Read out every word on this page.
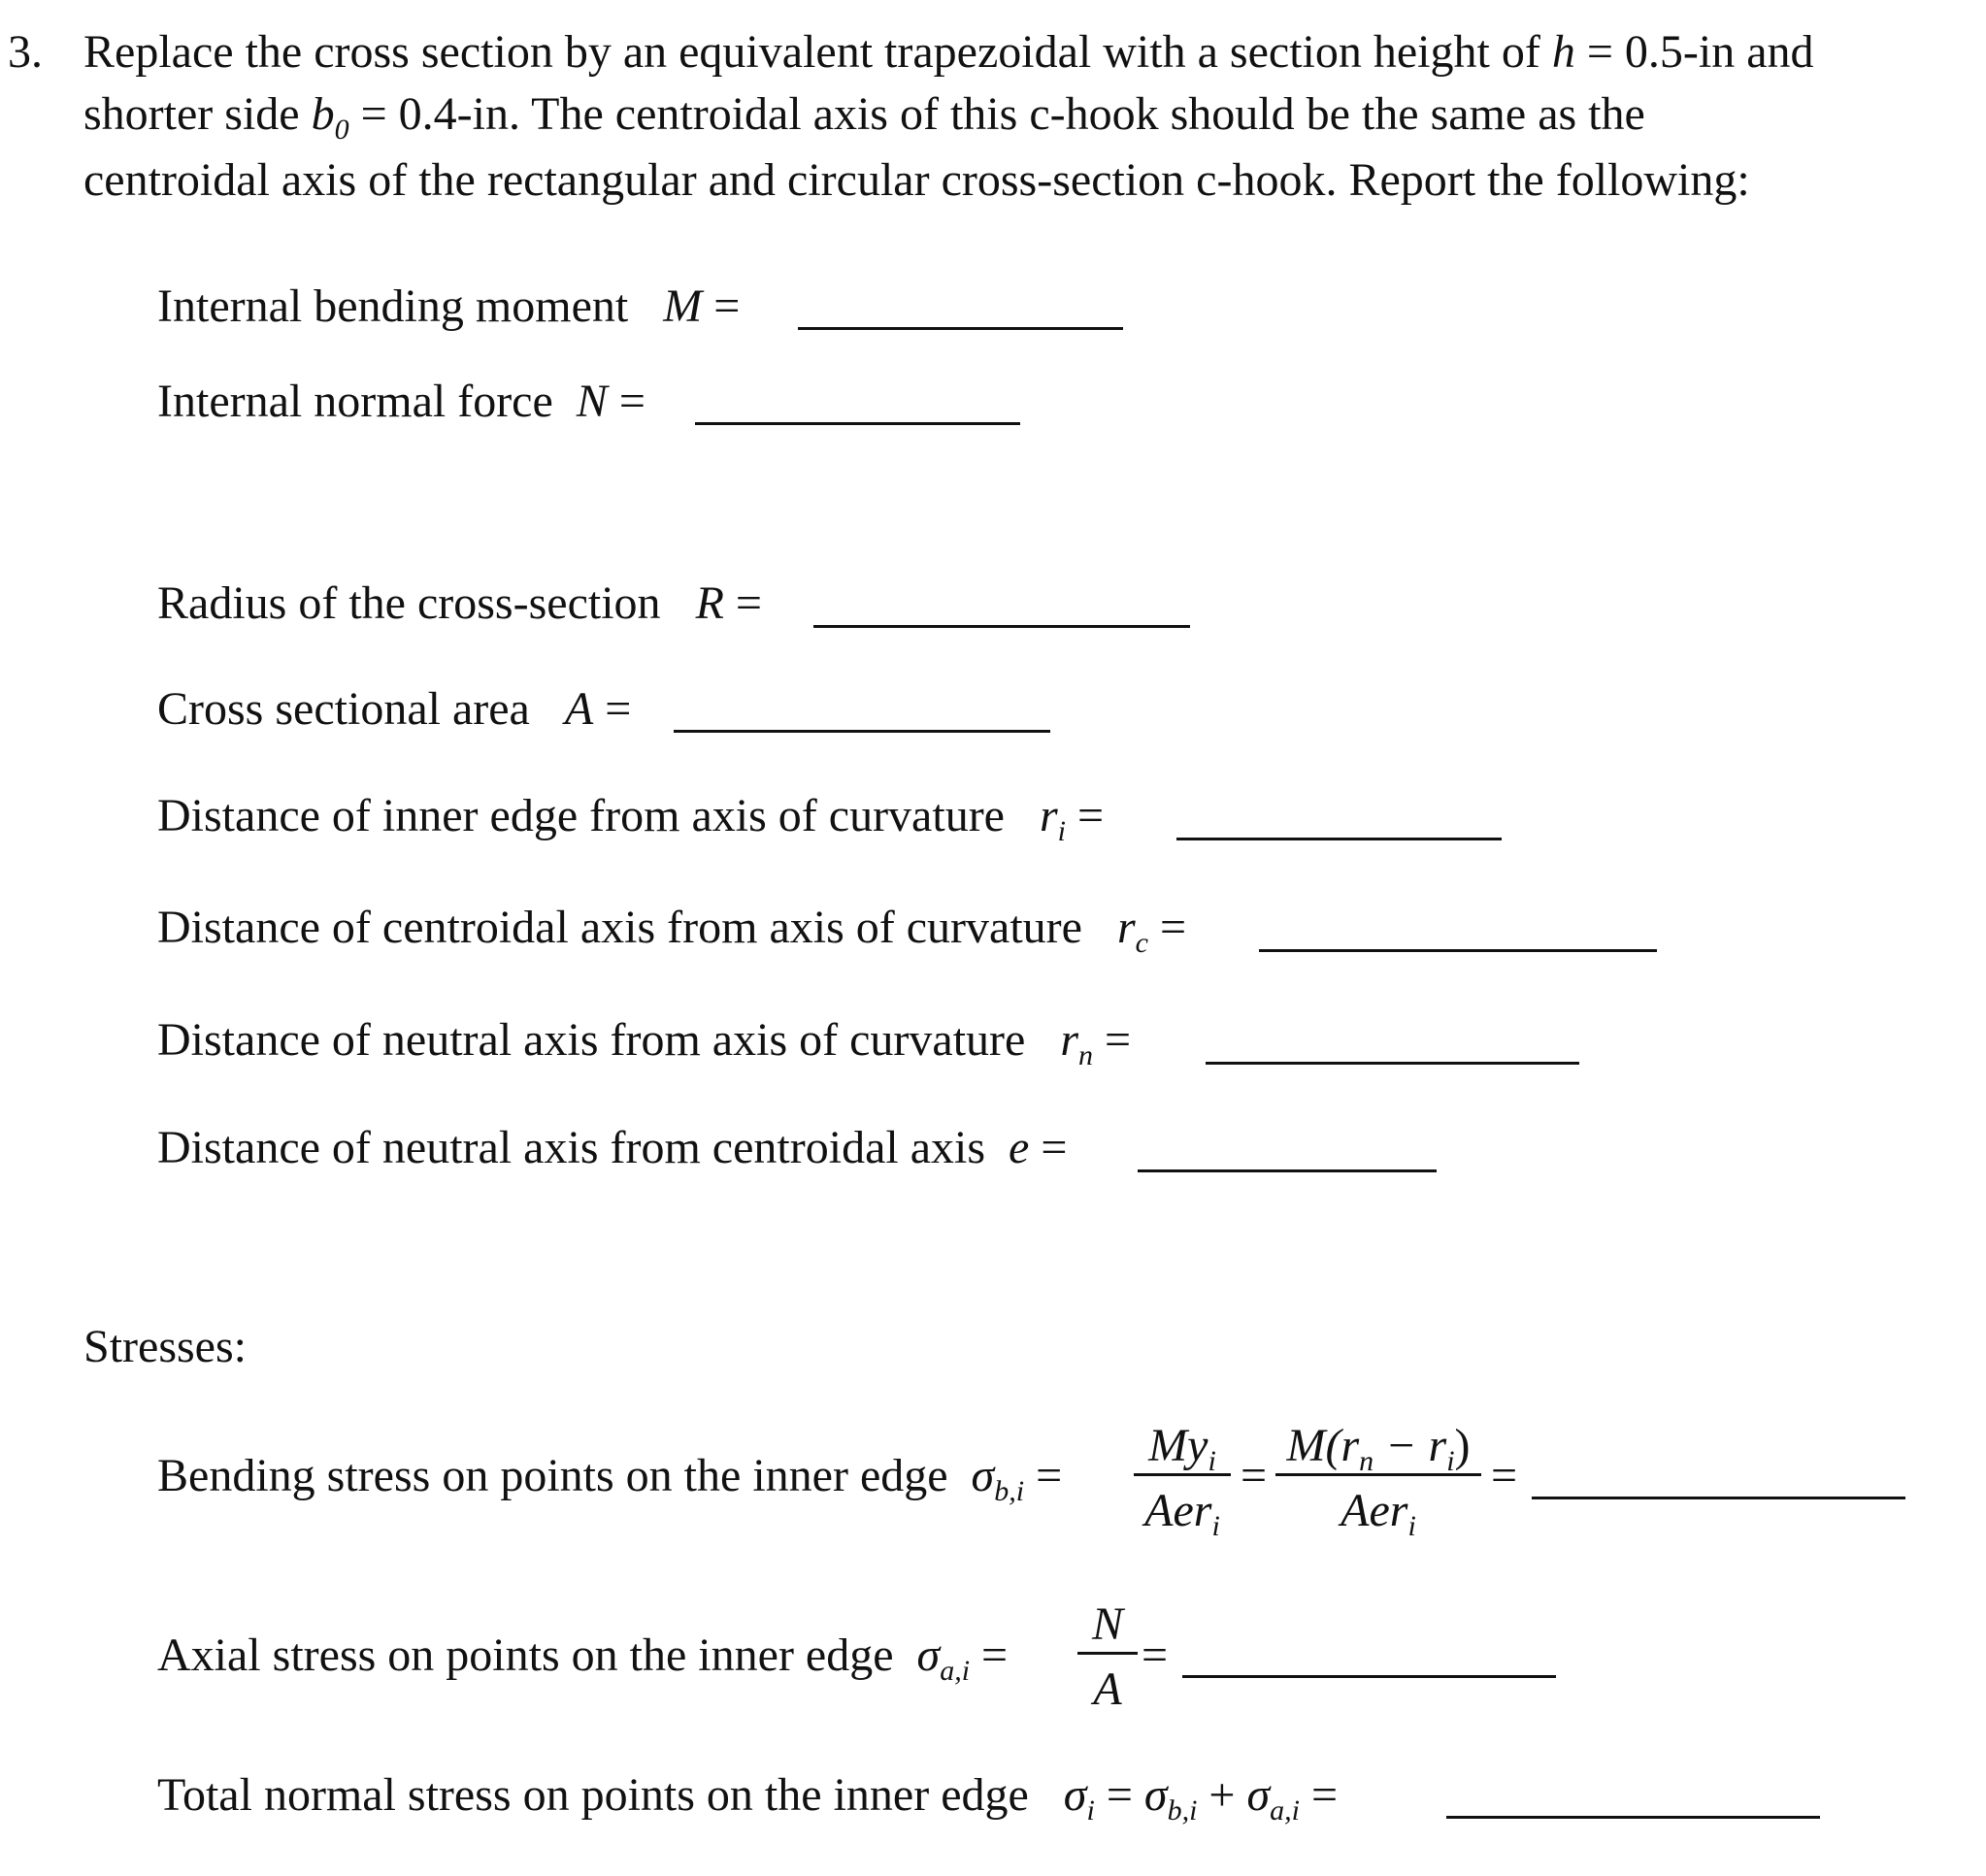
3. Replace the cross section by an equivalent trapezoidal with a section height of h = 0.5-in and
shorter side $b_0 = 0.4-in$. The centroidal axis of this c-hook should be the same as the
centroidal axis of the rectangular and circular cross-section c-hook. Report the following:
Internal bending moment M =
Internal normal force N =
Radius of the cross-section R =
Cross sectional area A =
Distance of inner edge from axis of curvature $r_i$ =
Distance of centroidal axis from axis of curvature $r_c$ =
Distance of neutral axis from axis of curvature $r_n$ =
Distance of neutral axis from centroidal axis e =
Stresses:
Bending stress on points on the inner edge $\sigma_{b,i}$ =
$My_i$
Aer$_i$
=
$M(r_n - r_i)$
Aer$_i$
=
Axial stress on points on the inner edge $\sigma_{a,i}$ =
N
A
=
Total normal stress on points on the inner edge $\sigma_i = \sigma_{b,i} + \sigma_{a,i}$ =
